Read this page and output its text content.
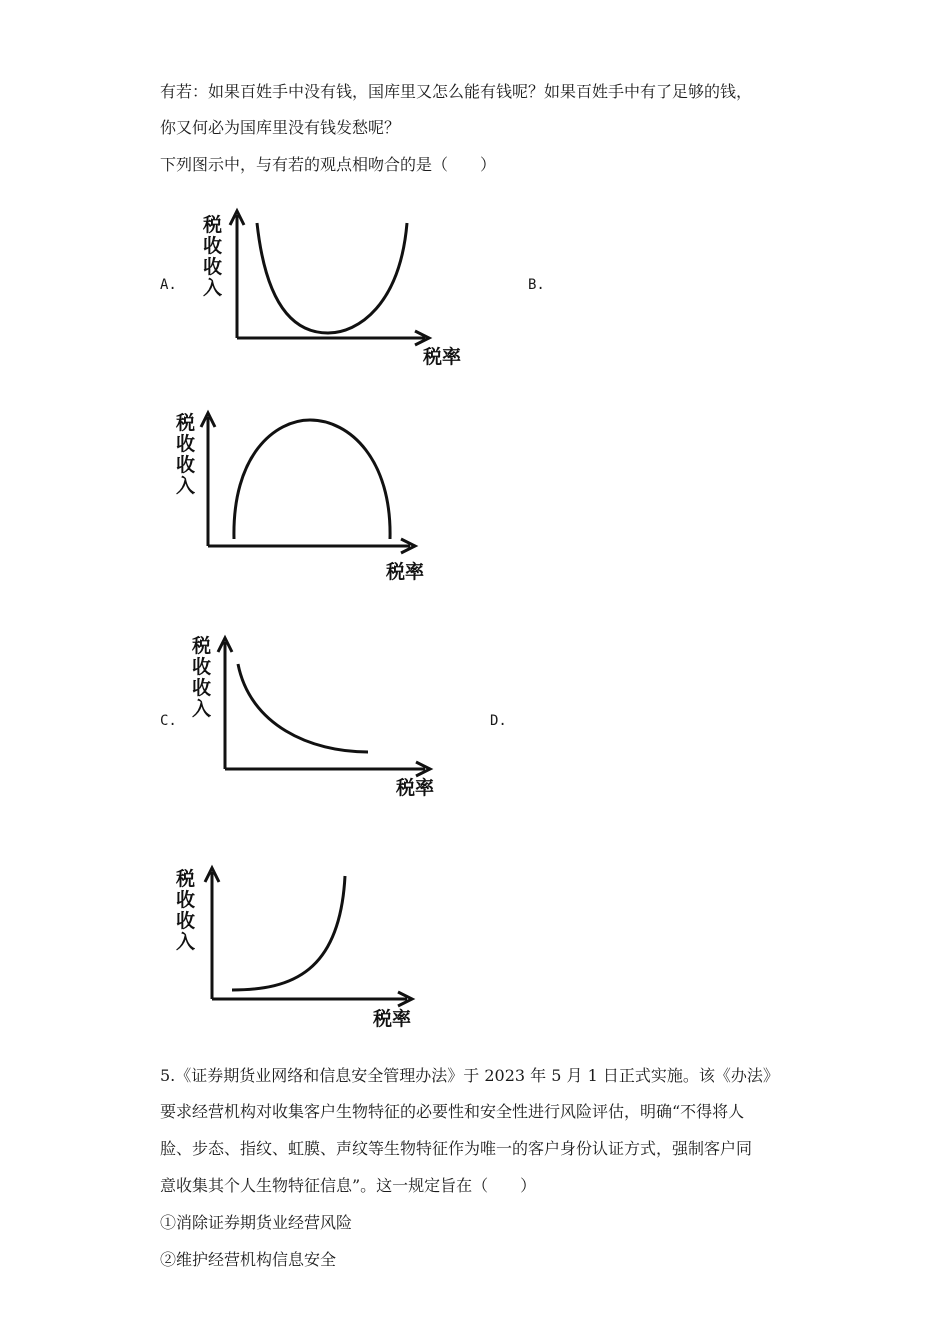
有若：如果百姓手中没有钱，国库里又怎么能有钱呢？如果百姓手中有了足够的钱，

你又何必为国库里没有钱发愁呢？

下列图示中，与有若的观点相吻合的是（　　）

A.	B.
C.	D.
税
收
收
入
税率
税
收
收
入
税率
税
收
收
入
税率
税
收
收
入
税率

5.《证券期货业网络和信息安全管理办法》于 2023 年 5 月 1 日正式实施。该《办法》

要求经营机构对收集客户生物特征的必要性和安全性进行风险评估，明确“不得将人

脸、步态、指纹、虹膜、声纹等生物特征作为唯一的客户身份认证方式，强制客户同

意收集其个人生物特征信息”。这一规定旨在（　　）

①消除证券期货业经营风险

②维护经营机构信息安全
